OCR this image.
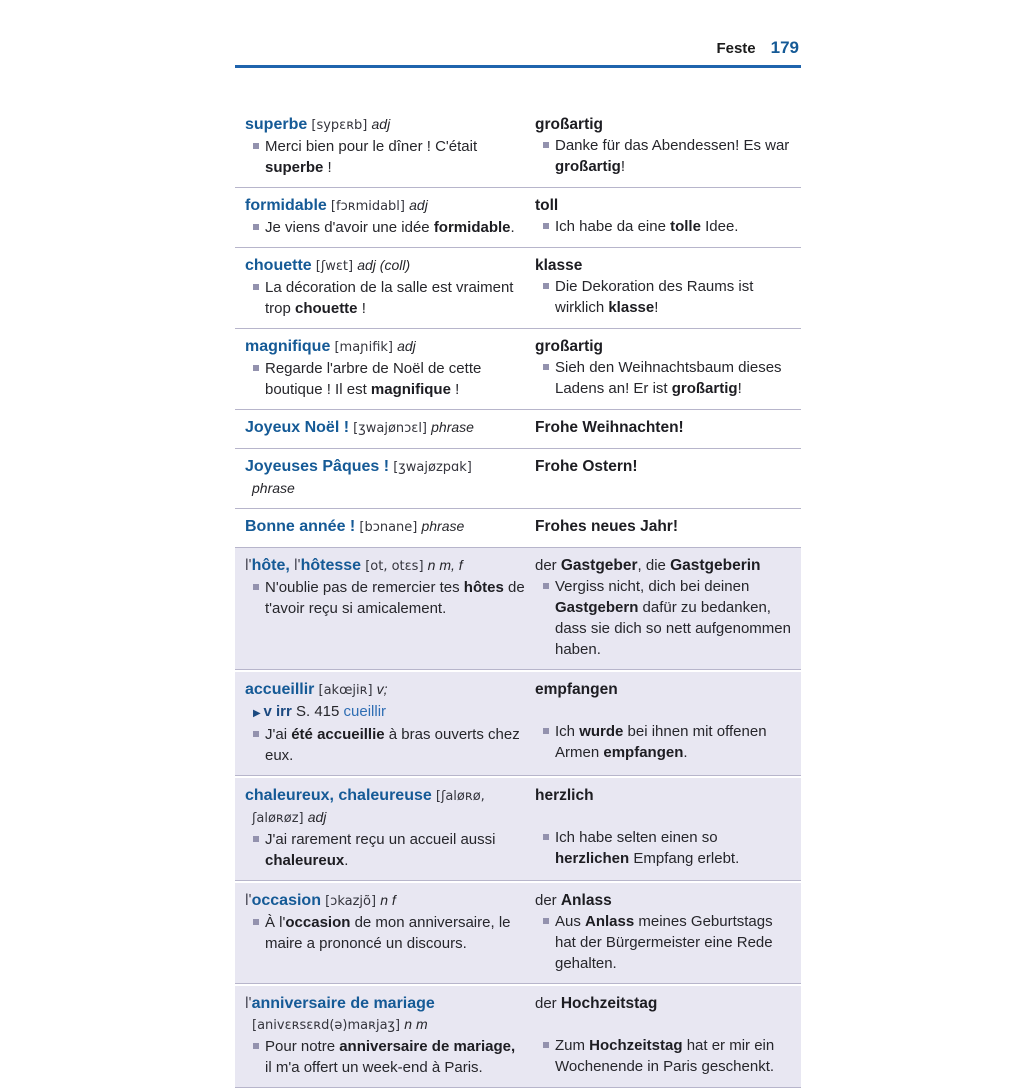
Feste 179
superbe [sypɛʀb] adj
Merci bien pour le dîner ! C'était superbe !
großartig
Danke für das Abendessen! Es war großartig!
formidable [fɔʀmidabl] adj
Je viens d'avoir une idée formidable.
toll
Ich habe da eine tolle Idee.
chouette [ʃwɛt] adj (coll)
La décoration de la salle est vraiment trop chouette !
klasse
Die Dekoration des Raums ist wirklich klasse!
magnifique [maɲifik] adj
Regarde l'arbre de Noël de cette boutique ! Il est magnifique !
großartig
Sieh den Weihnachtsbaum dieses Ladens an! Er ist großartig!
Joyeux Noël ! [ʒwajønɔɛl] phrase	Frohe Weihnachten!
Joyeuses Pâques ! [ʒwajøzpɑk]
phrase
Frohe Ostern!
Bonne année ! [bɔnane] phrase	Frohes neues Jahr!
l'hôte, l'hôtesse [ot, otɛs] n m, f
N'oublie pas de remercier tes hôtes de t'avoir reçu si amicalement.
der Gastgeber, die Gastgeberin
Vergiss nicht, dich bei deinen Gastgebern dafür zu bedanken, dass sie dich so nett aufgenommen haben.
accueillir [akœjiʀ] v;
▶ v irr S. 415 cueillir
J'ai été accueillie à bras ouverts chez eux.
empfangen
Ich wurde bei ihnen mit offenen Armen empfangen.
chaleureux, chaleureuse [ʃaløʀø,
ʃaløʀøz] adj
J'ai rarement reçu un accueil aussi chaleureux.
herzlich
Ich habe selten einen so herzlichen Empfang erlebt.
l'occasion [ɔkazjõ] n f
À l'occasion de mon anniversaire, le maire a prononcé un discours.
der Anlass
Aus Anlass meines Geburtstags hat der Bürgermeister eine Rede gehalten.
l'anniversaire de mariage
[anivɛʀsɛʀd(ə)maʀjaʒ] n m
Pour notre anniversaire de mariage, il m'a offert un week-end à Paris.
der Hochzeitstag
Zum Hochzeitstag hat er mir ein Wochenende in Paris geschenkt.
